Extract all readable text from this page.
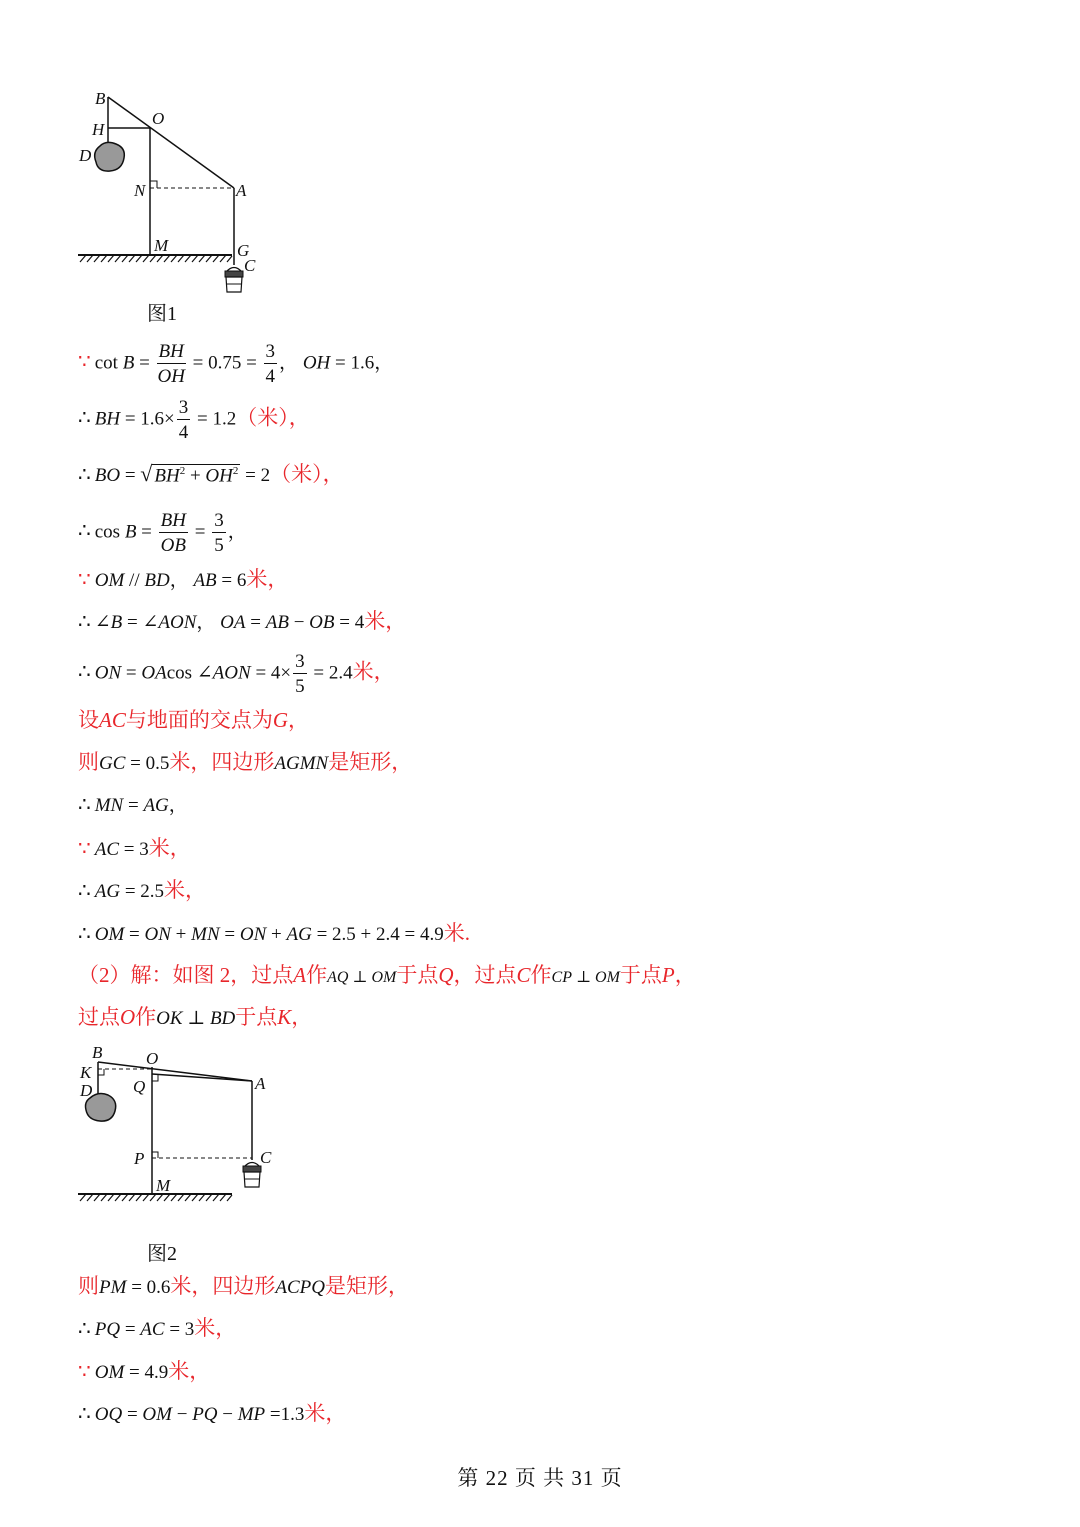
B
H
O
D
N	A
M	G
C
图1
∵ $\cot B = \frac{BH}{OH} = 0.75 = \frac{3}{4}$ ， OH = 1.6，
∴ BH = $1.6\times \frac{3}{4} = 1.2$（米），
∴ BO = √ $BH^2 + OH^2 = 2$（米），
∴ $\cos B = \frac{BH}{OB} = \frac{3}{5}$ ，
∵ OM // BD， AB = 6米，
∴ ∠B = ∠AON， OA = AB − OB = 4米，
∴ ON = OAcos ∠AON = $4\times \frac{3}{5} = 2.4$米，
设AC与地面的交点为G，
则GC = 0.5米，四边形AGMN是矩形，
∴ MN = AG，
∵ AC = 3米，
∴ AG = 2.5米，
∴ OM = ON + MN = ON + AG = 2.5 + 2.4 = 4.9米.
（2）解：如图 2，过点A作AQ ⊥ OM于点Q，过点C作CP ⊥ OM于点P，
过点O作OK ⊥ BD于点K，
B	O
K
Q
D	A
P	C
M
图2
则PM = 0.6米，四边形ACPQ是矩形，
∴ PQ = AC = 3米，
∵ OM = 4.9米，
∴ OQ = OM − PQ − MP =1.3米，
第 22 页 共 31 页
